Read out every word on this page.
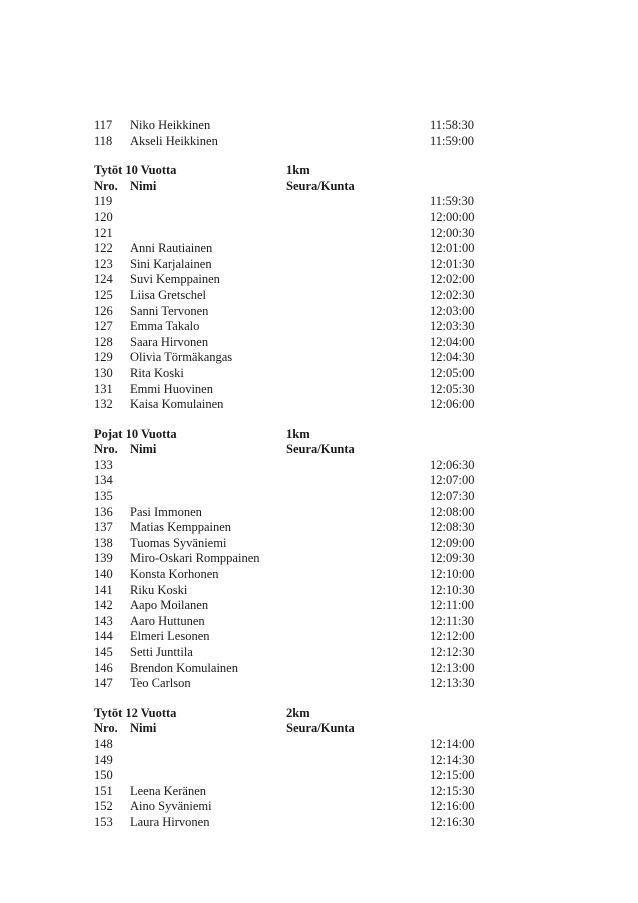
117 Niko Heikkinen	11:58:30
118 Akseli Heikkinen	11:59:00
Tytöt 10 Vuotta	1km
Nro. Nimi	Seura/Kunta
119	11:59:30
120	12:00:00
121	12:00:30
122 Anni Rautiainen	12:01:00
123 Sini Karjalainen	12:01:30
124 Suvi Kemppainen	12:02:00
125 Liisa Gretschel	12:02:30
126 Sanni Tervonen	12:03:00
127 Emma Takalo	12:03:30
128 Saara Hirvonen	12:04:00
129 Olivia Törmäkangas	12:04:30
130 Rita Koski	12:05:00
131 Emmi Huovinen	12:05:30
132 Kaisa Komulainen	12:06:00
Pojat 10 Vuotta	1km
Nro. Nimi	Seura/Kunta
133	12:06:30
134	12:07:00
135	12:07:30
136 Pasi Immonen	12:08:00
137 Matias Kemppainen	12:08:30
138 Tuomas Syväniemi	12:09:00
139 Miro-Oskari Romppainen	12:09:30
140 Konsta Korhonen	12:10:00
141 Riku Koski	12:10:30
142 Aapo Moilanen	12:11:00
143 Aaro Huttunen	12:11:30
144 Elmeri Lesonen	12:12:00
145 Setti Junttila	12:12:30
146 Brendon Komulainen	12:13:00
147 Teo Carlson	12:13:30
Tytöt 12 Vuotta	2km
Nro. Nimi	Seura/Kunta
148	12:14:00
149	12:14:30
150	12:15:00
151 Leena Keränen	12:15:30
152 Aino Syväniemi	12:16:00
153 Laura Hirvonen	12:16:30
